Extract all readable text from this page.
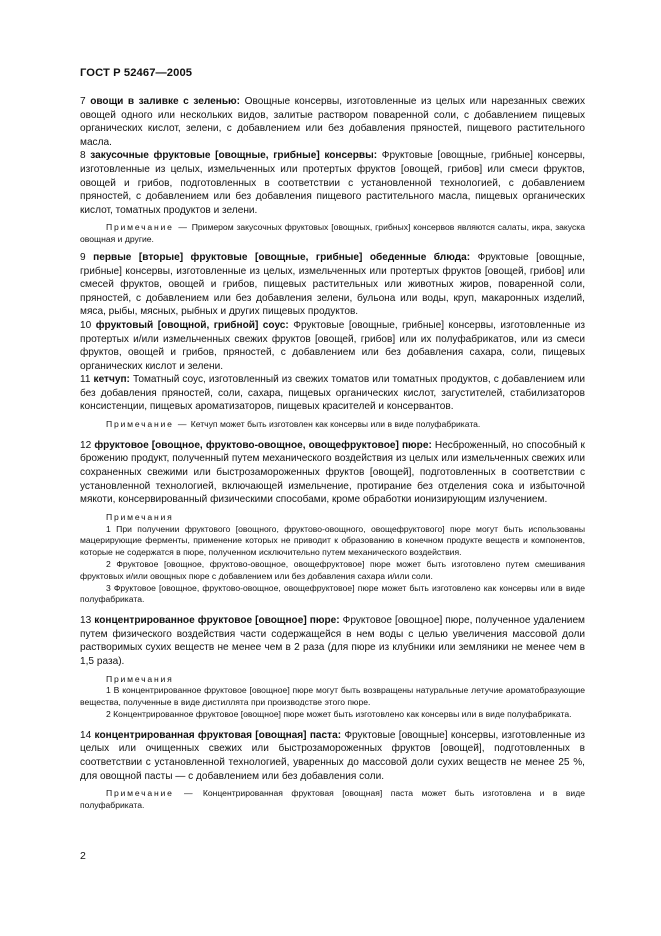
ГОСТ Р 52467—2005

7 овощи в заливке с зеленью: Овощные консервы, изготовленные из целых или нарезанных свежих овощей одного или нескольких видов, залитые раствором поваренной соли, с добавлением пищевых органических кислот, зелени, с добавлением или без добавления пряностей, пищевого растительного масла.

8 закусочные фруктовые [овощные, грибные] консервы: Фруктовые [овощные, грибные] консервы, изготовленные из целых, измельченных или протертых фруктов [овощей, грибов] или смеси фруктов, овощей и грибов, подготовленных в соответствии с установленной технологией, с добавлением пряностей, с добавлением или без добавления пищевого растительного масла, пищевых органических кислот, томатных продуктов и зелени.

Примечание — Примером закусочных фруктовых [овощных, грибных] консервов являются салаты, икра, закуска овощная и другие.

9 первые [вторые] фруктовые [овощные, грибные] обеденные блюда: Фруктовые [овощные, грибные] консервы, изготовленные из целых, измельченных или протертых фруктов [овощей, грибов] или смесей фруктов, овощей и грибов, пищевых растительных или животных жиров, поваренной соли, пряностей, с добавлением или без добавления зелени, бульона или воды, круп, макаронных изделий, мяса, рыбы, мясных, рыбных и других пищевых продуктов.

10 фруктовый [овощной, грибной] соус: Фруктовые [овощные, грибные] консервы, изготовленные из протертых и/или измельченных свежих фруктов [овощей, грибов] или их полуфабрикатов, или из смеси фруктов, овощей и грибов, пряностей, с добавлением или без добавления сахара, соли, пищевых органических кислот и зелени.

11 кетчуп: Томатный соус, изготовленный из свежих томатов или томатных продуктов, с добавлением или без добавления пряностей, соли, сахара, пищевых органических кислот, загустителей, стабилизаторов консистенции, пищевых ароматизаторов, пищевых красителей и консервантов.

Примечание — Кетчуп может быть изготовлен как консервы или в виде полуфабриката.

12 фруктовое [овощное, фруктово-овощное, овощефруктовое] пюре: Несброженный, но способный к брожению продукт, полученный путем механического воздействия из целых или измельченных свежих или сохраненных свежими или быстрозамороженных фруктов [овощей], подготовленных в соответствии с установленной технологией, включающей измельчение, протирание без отделения сока и избыточной мякоти, консервированный физическими способами, кроме обработки ионизирующим излучением.

Примечания

1 При получении фруктового [овощного, фруктово-овощного, овощефруктового] пюре могут быть использованы мацерирующие ферменты, применение которых не приводит к образованию в конечном продукте веществ и компонентов, которые не содержатся в пюре, полученном исключительно путем механического воздействия.

2 Фруктовое [овощное, фруктово-овощное, овощефруктовое] пюре может быть изготовлено путем смешивания фруктовых и/или овощных пюре с добавлением или без добавления сахара и/или соли.

3 Фруктовое [овощное, фруктово-овощное, овощефруктовое] пюре может быть изготовлено как консервы или в виде полуфабриката.

13 концентрированное фруктовое [овощное] пюре: Фруктовое [овощное] пюре, полученное удалением путем физического воздействия части содержащейся в нем воды с целью увеличения массовой доли растворимых сухих веществ не менее чем в 2 раза (для пюре из клубники или земляники не менее чем в 1,5 раза).

Примечания

1 В концентрированное фруктовое [овощное] пюре могут быть возвращены натуральные летучие ароматобразующие вещества, полученные в виде дистиллята при производстве этого пюре.

2 Концентрированное фруктовое [овощное] пюре может быть изготовлено как консервы или в виде полуфабриката.

14 концентрированная фруктовая [овощная] паста: Фруктовые [овощные] консервы, изготовленные из целых или очищенных свежих или быстрозамороженных фруктов [овощей], подготовленных в соответствии с установленной технологией, уваренных до массовой доли сухих веществ не менее 25 %, для овощной пасты — с добавлением или без добавления соли.

Примечание — Концентрированная фруктовая [овощная] паста может быть изготовлена и в виде полуфабриката.

2
